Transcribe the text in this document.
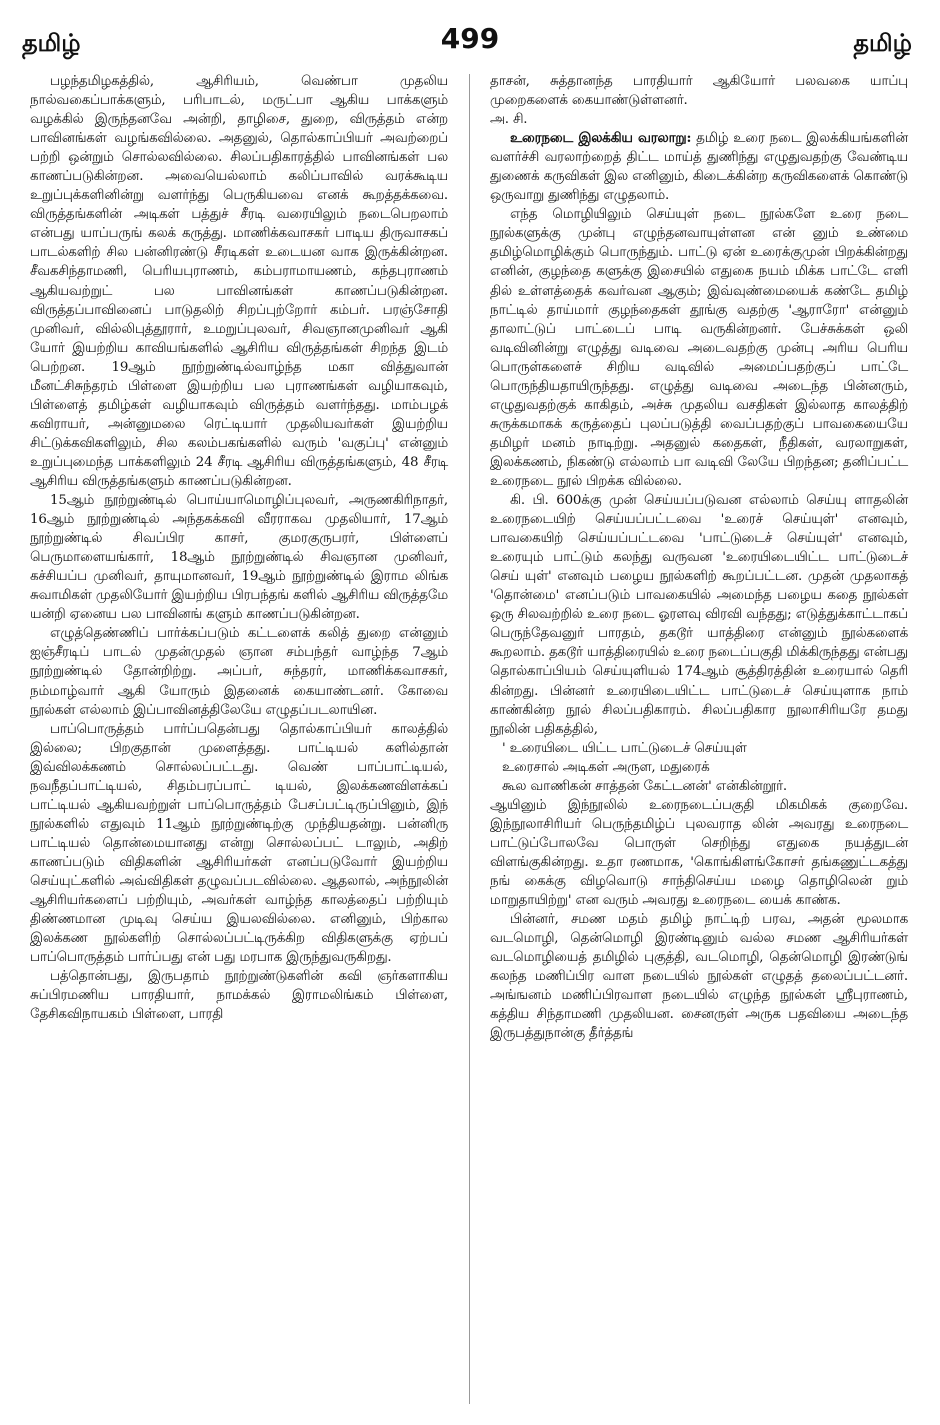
தமிழ்	499	தமிழ்

பழந்தமிழகத்தில், ஆசிரியம், வெண்பா முதலிய நால்வகைப்பாக்களும், பரிபாடல், மருட்பா ஆகிய பாக்களும் வழக்கில் இருந்தனவே அன்றி, தாழிசை, துறை, விருத்தம் என்ற பாவினங்கள் வழங்கவில்லை. அதனுல், தொல்காப்பியர் அவற்றைப் பற்றி ஒன்றும் சொல்லவில்லை. சிலப்பதிகாரத்தில் பாவினங்கள் பல காணப்படுகின்றன. அவையெல்லாம் கலிப்பாவில் வரக்கூடிய உறுப்புக்களினின்று வளர்ந்து பெருகியவை எனக் கூறத்தக்கவை. விருத்தங்களின் அடிகள் பத்துச் சீரடி வரையிலும் நடைபெறலாம் என்பது யாப்பருங் கலக் கருத்து. மாணிக்கவாசகர் பாடிய திருவாசகப் பாடல்களிற் சில பன்னிரண்டு சீரடிகள் உடையன வாக இருக்கின்றன. சீவகசிந்தாமணி, பெரியபுராணம், கம்பராமாயணம், கந்தபுராணம் ஆகியவற்றுட் பல பாவினங்கள் காணப்படுகின்றன. விருத்தப்பாவினைப் பாடுதலிற் சிறப்புற்றோர் கம்பர். பரஞ்சோதி முனிவர், வில்லிபுத்தூரார், உமறுப்புலவர், சிவஞானமுனிவர் ஆகி யோர் இயற்றிய காவியங்களில் ஆசிரிய விருத்தங்கள் சிறந்த இடம் பெற்றன. 19ஆம் நூற்றுண்டில்வாழ்ந்த மகா வித்துவான் மீனட்சிசுந்தரம் பிள்ளை இயற்றிய பல புராணங்கள் வழியாகவும், பிள்ளைத் தமிழ்கள் வழியாகவும் விருத்தம் வளர்ந்தது. மாம்பழக் கவிராயர், அன்னுமலை ரெட்டியார் முதலியவர்கள் இயற்றிய சிட்டுக்கவிகளிலும், சில கலம்பகங்களில் வரும் 'வகுப்பு' என்னும் உறுப்புமைந்த பாக்களிலும் 24 சீரடி ஆசிரிய விருத்தங்களும், 48 சீரடி ஆசிரிய விருத்தங்களும் காணப்படுகின்றன.

15ஆம் நூற்றுண்டில் பொய்யாமொழிப்புலவர், அருணகிரிநாதர், 16ஆம் நூற்றுண்டில் அந்தகக்கவி வீரராகவ முதலியார், 17ஆம் நூற்றுண்டில் சிவப்பிர காசர், குமரகுருபரர், பிள்ளைப் பெருமாளையங்கார், 18ஆம் நூற்றுண்டில் சிவஞான முனிவர், கச்சியப்ப முனிவர், தாயுமானவர், 19ஆம் நூற்றுண்டில் இராம லிங்க சுவாமிகள் முதலியோர் இயற்றிய பிரபந்தங் களில் ஆசிரிய விருத்தமே யன்றி ஏனைய பல பாவினங் களும் காணப்படுகின்றன.

எழுத்தெண்ணிப் பார்க்கப்படும் கட்டளைக் கலித் துறை என்னும் ஐஞ்சீரடிப் பாடல் முதன்முதல் ஞான சம்பந்தர் வாழ்ந்த 7ஆம் நூற்றுண்டில் தோன்றிற்று. அப்பர், சுந்தரர், மாணிக்கவாசகர், நம்மாழ்வார் ஆகி யோரும் இதனைக் கையாண்டனர். கோவை நூல்கள் எல்லாம் இப்பாவினத்திலேயே எழுதப்படலாயின.

பாப்பொருத்தம் பார்ப்பதென்பது தொல்காப்பியர் காலத்தில் இல்லை; பிறகுதான் முளைத்தது. பாட்டியல் களில்தான் இவ்விலக்கணம் சொல்லப்பட்டது. வெண் பாப்பாட்டியல், நவநீதப்பாட்டியல், சிதம்பரப்பாட் டியல், இலக்கணவிளக்கப் பாட்டியல் ஆகியவற்றுள் பாப்பொருத்தம் பேசப்பட்டிருப்பினும், இந் நூல்களில் எதுவும் 11ஆம் நூற்றுண்டிற்கு முந்தியதன்று. பன்னிரு பாட்டியல் தொன்மையானது என்று சொல்லப்பட் டாலும், அதிற் காணப்படும் விதிகளின் ஆசிரியர்கள் எனப்படுவோர் இயற்றிய செய்யுட்களில் அவ்விதிகள் தழுவப்படவில்லை. ஆதலால், அந்நூலின் ஆசிரியர்களைப் பற்றியும், அவர்கள் வாழ்ந்த காலத்தைப் பற்றியும் திண்ணமான முடிவு செய்ய இயலவில்லை. எனினும், பிற்கால இலக்கண நூல்களிற் சொல்லப்பட்டிருக்கிற விதிகளுக்கு ஏற்பப் பாப்பொருத்தம் பார்ப்பது என் பது மரபாக இருந்துவருகிறது.

பத்தொன்பது, இருபதாம் நூற்றுண்டுகளின் கவி ஞர்களாகிய சுப்பிரமணிய பாரதியார், நாமக்கல் இராமலிங்கம் பிள்ளை, தேசிகவிநாயகம் பிள்ளை, பாரதி

தாசன், சுத்தானந்த பாரதியார் ஆகியோர் பலவகை யாப்பு முறைகளைக் கையாண்டுள்ளனர்.

அ. சி.

உரைநடை இலக்கிய வரலாறு: தமிழ் உரை நடை இலக்கியங்களின் வளர்ச்சி வரலாற்றைத் திட்ட மாய்த் துணிந்து எழுதுவதற்கு வேண்டிய துணைக் கருவிகள் இல எனினும், கிடைக்கின்ற கருவிகளைக் கொண்டு ஒருவாறு துணிந்து எழுதலாம்.

எந்த மொழியிலும் செய்யுள் நடை நூல்களே உரை நடை நூல்களுக்கு முன்பு எழுந்தனவாயுள்ளன என் னும் உண்மை தமிழ்மொழிக்கும் பொருந்தும். பாட்டு ஏன் உரைக்குமுன் பிறக்கின்றது எனின், குழந்தை களுக்கு இசையில் எதுகை நயம் மிக்க பாட்டே எளி தில் உள்ளத்தைக் கவர்வன ஆகும்; இவ்வுண்மையைக் கண்டே தமிழ் நாட்டில் தாய்மார் குழந்தைகள் தூங்கு வதற்கு 'ஆராரோ' என்னும் தாலாட்டுப் பாட்டைப் பாடி வருகின்றனர். பேச்சுக்கள் ஒலி வடிவினின்று எழுத்து வடிவை அடைவதற்கு முன்பு அரிய பெரிய பொருள்களைச் சிறிய வடிவில் அமைப்பதற்குப் பாட்டே பொருந்தியதாயிருந்தது. எழுத்து வடிவை அடைந்த பின்னரும், எழுதுவதற்குக் காகிதம், அச்சு முதலிய வசதிகள் இல்லாத காலத்திற் சுருக்கமாகக் கருத்தைப் புலப்படுத்தி வைப்பதற்குப் பாவகையையே தமிழர் மனம் நாடிற்று. அதனுல் கதைகள், நீதிகள், வரலாறுகள், இலக்கணம், நிகண்டு எல்லாம் பா வடிவி லேயே பிறந்தன; தனிப்பட்ட உரைநடை நூல் பிறக்க வில்லை.

கி. பி. 600க்கு முன் செய்யப்படுவன எல்லாம் செய்யு ளாதலின் உரைநடையிற் செய்யப்பட்டவை 'உரைச் செய்யுள்' எனவும், பாவகையிற் செய்யப்பட்டவை 'பாட்டுடைச் செய்யுள்' எனவும், உரையும் பாட்டும் கலந்து வருவன 'உரையிடையிட்ட பாட்டுடைச் செய் யுள்' எனவும் பழைய நூல்களிற் கூறப்பட்டன. முதன் முதலாகத் 'தொன்மை' எனப்படும் பாவகையில் அமைந்த பழைய கதை நூல்கள் ஒரு சிலவற்றில் உரை நடை ஓரளவு விரவி வந்தது; எடுத்துக்காட்டாகப் பெருந்தேவனுர் பாரதம், தகடூர் யாத்திரை என்னும் நூல்களைக் கூறலாம். தகடூர் யாத்திரையில் உரை நடைப்பகுதி மிக்கிருந்தது என்பது தொல்காப்பியம் செய்யுளியல் 174ஆம் சூத்திரத்தின் உரையால் தெரி கின்றது. பின்னர் உரையிடையிட்ட பாட்டுடைச் செய்யுளாக நாம் காண்கின்ற நூல் சிலப்பதிகாரம். சிலப்பதிகார நூலாசிரியரே தமது நூலின் பதிகத்தில்,

' உரையிடை யிட்ட பாட்டுடைச் செய்யுள்

உரைசால் அடிகள் அருள, மதுரைக்

கூல வாணிகன் சாத்தன் கேட்டனன்' என்கின்றூர்.

ஆயினும் இந்நூலில் உரைநடைப்பகுதி மிகமிகக் குறைவே. இந்நூலாசிரியர் பெருந்தமிழ்ப் புலவராத லின் அவரது உரைநடை பாட்டுப்போலவே பொருள் செறிந்து எதுகை நயத்துடன் விளங்குகின்றது. உதா ரணமாக, 'கொங்கிளங்கோசர் தங்கணுட்டகத்து நங் கைக்கு விழவொடு சாந்திசெய்ய மழை தொழிலென் றும் மாறுதாயிற்று' என வரும் அவரது உரைநடை யைக் காண்க.

பின்னர், சமண மதம் தமிழ் நாட்டிற் பரவ, அதன் மூலமாக வடமொழி, தென்மொழி இரண்டினும் வல்ல சமண ஆசிரியர்கள் வடமொழியைத் தமிழில் புகுத்தி, வடமொழி, தென்மொழி இரண்டுங் கலந்த மணிப்பிர வாள நடையில் நூல்கள் எழுதத் தலைப்பட்டனர். அங்ஙனம் மணிப்பிரவாள நடையில் எழுந்த நூல்கள் ஸ்ரீபுராணம், கத்திய சிந்தாமணி முதலியன. சைனருள் அருக பதவியை அடைந்த இருபத்துநான்கு தீர்த்தங்
